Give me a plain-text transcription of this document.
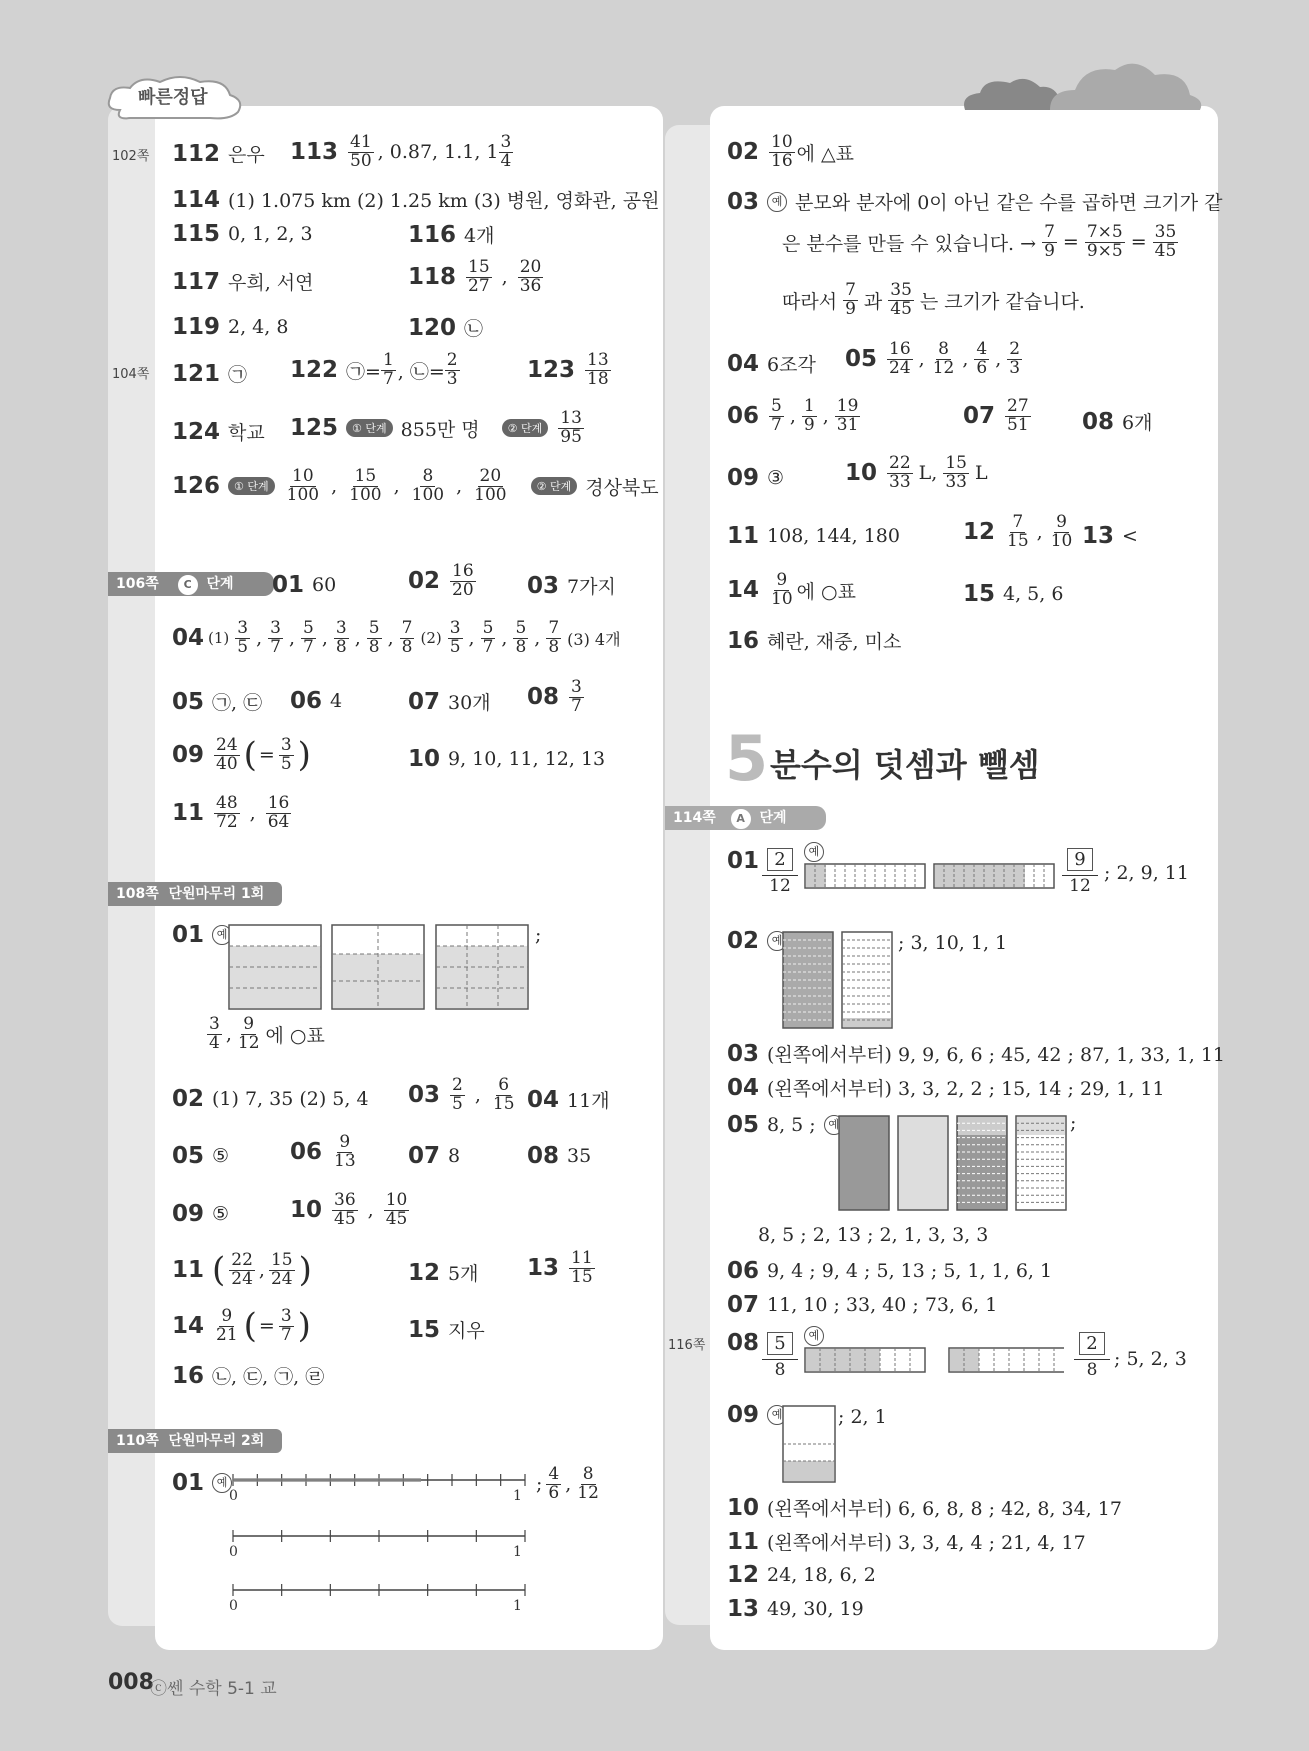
빠른정답
102쪽 112 은우 $113 \frac{41}{50}$ , 0.87, 1.1, $1 \frac{3}{4}$
114 (1) 1.075 km (2) 1.25 km (3) 병원, 영화관, 공원
115 0, 1, 2, 3	116 4개
117 우희, 서연	$118 \frac{15}{27}$ , $\frac{20}{36}$
119 2, 4, 8	120 ㉡
104쪽 121 ㉠ 122 ㉠= $\frac{1}{7}$ , ㉡= $\frac{2}{3}$	$123 \frac{13}{18}$
124 학교 125	① 단계 855만 명	② 단계 $\frac{13}{95}$
126	① 단계 $\frac{10}{100}$ , $\frac{15}{100}$ , $\frac{8}{100}$ , $\frac{20}{100}$	② 단계 경상북도
106쪽 C 단계	01 60	$02 \frac{16}{20} 03$ 7가지
04 $(1) \frac{3}{5}$ , $\frac{3}{7}$ , $\frac{5}{7}$ , $\frac{3}{8}$ , $\frac{5}{8}$ , $\frac{7}{8} (2) \frac{3}{5}$ , $\frac{5}{7}$ , $\frac{5}{8}$ , $\frac{7}{8} (3)$ 4개
05 ㉠, ㉢ 06 4	07 30개 $08 \frac{3}{7}$
$09 \frac{24}{40}$ ( = $\frac{3}{5}$ )	10 9, 10, 11, 12, 13
$11 \frac{48}{72}$ , $\frac{16}{64}$
108쪽 단원마무리 1회
01	예	;
$\frac{3}{4}$ , $\frac{9}{12}$ 에 ○표
02 (1) 7, 35 (2) 5, 4 $03 \frac{2}{5}$ , $\frac{6}{15} 04$ 11개
05 ⑤	$06 \frac{9}{13} 07$ 8	08 35
09 ⑤	$10 \frac{36}{45}$ , $\frac{10}{45}$
11 ( $\frac{22}{24}$ , $\frac{15}{24}$ )	12 5개 $13 \frac{11}{15}$
$14 \frac{9}{21}$ ( = $\frac{3}{7}$ )	15 지우
16 ㉡, ㉢, ㉠, ㉣
110쪽 단원마무리 2회
01	예
0	1
0	1
0	1
; $\frac{4}{6}$ , $\frac{8}{12}$
$02 \frac{10}{16}$ 에 △표
03	예 분모와 분자에 0이 아닌 같은 수를 곱하면 크기가 같
은 분수를 만들 수 있습니다. → $\frac{7}{9} = \frac{7\times 5}{9\times 5} = \frac{35}{45}$
따라서 $\frac{7}{9}$ 과 $\frac{35}{45}$ 는 크기가 같습니다.
04 6조각 $05 \frac{16}{24}$ , $\frac{8}{12}$ , $\frac{4}{6}$ , $\frac{2}{3}$
$06 \frac{5}{7}$ , $\frac{1}{9}$ , $\frac{19}{31}$	$07 \frac{27}{51} 08$ 6개
09 ③	$10 \frac{22}{33} L$, $\frac{15}{33}$ L
11 108, 144, 180	$12 \frac{7}{15}$ , $\frac{9}{10} 13$ <
$14 \frac{9}{10}$ 에 ○표	15 4, 5, 6
16 혜란, 재중, 미소
5 분수의 덧셈과 뺄셈
114쪽 A 단계
01 2
12
예	9
12
; 2, 9, 11
02	예	; 3, 10, 1, 1
03 (왼쪽에서부터) 9, 9, 6, 6 ; 45, 42 ; 87, 1, 33, 1, 11
04 (왼쪽에서부터) 3, 3, 2, 2 ; 15, 14 ; 29, 1, 11
05 8, 5 ;	예	;
8, 5 ; 2, 13 ; 2, 1, 3, 3, 3
06 9, 4 ; 9, 4 ; 5, 13 ; 5, 1, 1, 6, 1
07 11, 10 ; 33, 40 ; 73, 6, 1
116쪽 08 5
8
예	2
8 ; 5, 2, 3
09	예	; 2, 1
10 (왼쪽에서부터) 6, 6, 8, 8 ; 42, 8, 34, 17
11 (왼쪽에서부터) 3, 3, 4, 4 ; 21, 4, 17
12 24, 18, 6, 2
13 49, 30, 19
008
ⓒ쎈 수학 5-1 교
